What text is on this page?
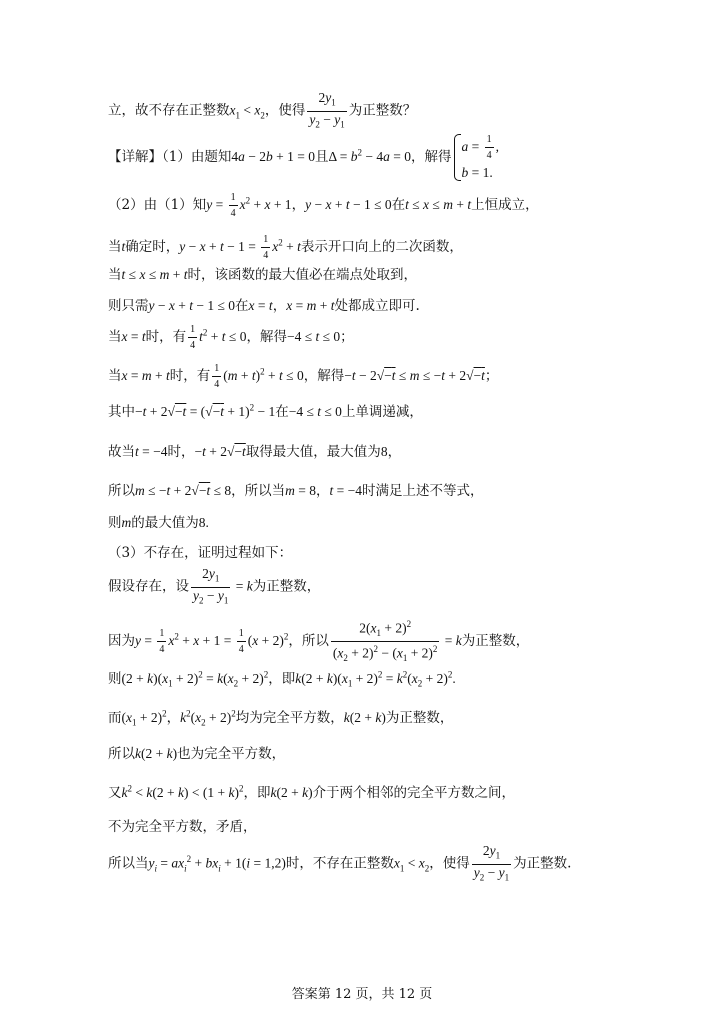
立，故不存在正整数$x_1 < x_2$，使得 $\frac{2y_1}{y_2 - y_1}$ 为正整数？
【详解】（1）由题知4a − 2b + 1 = 0且$\Delta = b^2 - 4a = 0$，解得
$a = \frac{1}{4}$ ,
b = 1.
（2）由（1）知$y = \frac{1}{4} x^2 + x + 1$，y − x + t − 1 ≤ 0在t ≤ x ≤ m + t上恒成立，
当t确定时，$y - x + t - 1 = \frac{1}{4} x^2 + t$表示开口向上的二次函数，
当t ≤ x ≤ m + t时，该函数的最大值必在端点处取到，
则只需y − x + t − 1 ≤ 0在x = t，x = m + t处都成立即可.
当x = t时，有 $\frac{1}{4} t^2 + t \le 0$，解得−4 ≤ t ≤ 0；
当x = m + t时，有 $\frac{1}{4} (m + t)^2 + t \le 0$，解得$-t - 2√-\overline{t} \le m \le -t + 2√-\overline{t}$；
其中$-t + 2√-\overline{t} = (√-\overline{t} + 1)^2 - 1$在−4 ≤ t ≤ 0上单调递减，
故当t = −4时，$-t + 2√-\overline{t}$取得最大值，最大值为8，
所以$m \le -t + 2√-\overline{t} \le 8$，所以当m = 8，t = −4时满足上述不等式，
则m的最大值为8.
（3）不存在，证明过程如下：
假设存在，设 $\frac{2y_1}{y_2 - y_1} = k$为正整数，
因为$y = \frac{1}{4} x^2 + x + 1 = \frac{1}{4} (x + 2)^2$，所以 $\frac{2(x_1 + 2)^2}{(x_2 + 2)^2 - (x_1 + 2)^2} = k$为正整数，
则$(2 + k)(x_1 + 2)^2 = k(x_2 + 2)^2$，即$k(2 + k)(x_1 + 2)^2 = k^2(x_2 + 2)^2$.
而$(x_1 + 2)^2$，$k^2(x_2 + 2)^2$均为完全平方数，k(2 + k)为正整数，
所以k(2 + k)也为完全平方数，
又$k^2 < k(2 + k) < (1 + k)^2$，即k(2 + k)介于两个相邻的完全平方数之间，
不为完全平方数，矛盾，
所以当$y_i = ax_i^2 + bx_i + 1(i = 1,2)$时，不存在正整数$x_1 < x_2$，使得 $\frac{2y_1}{y_2 - y_1}$ 为正整数.
答案第 12 页，共 12 页
